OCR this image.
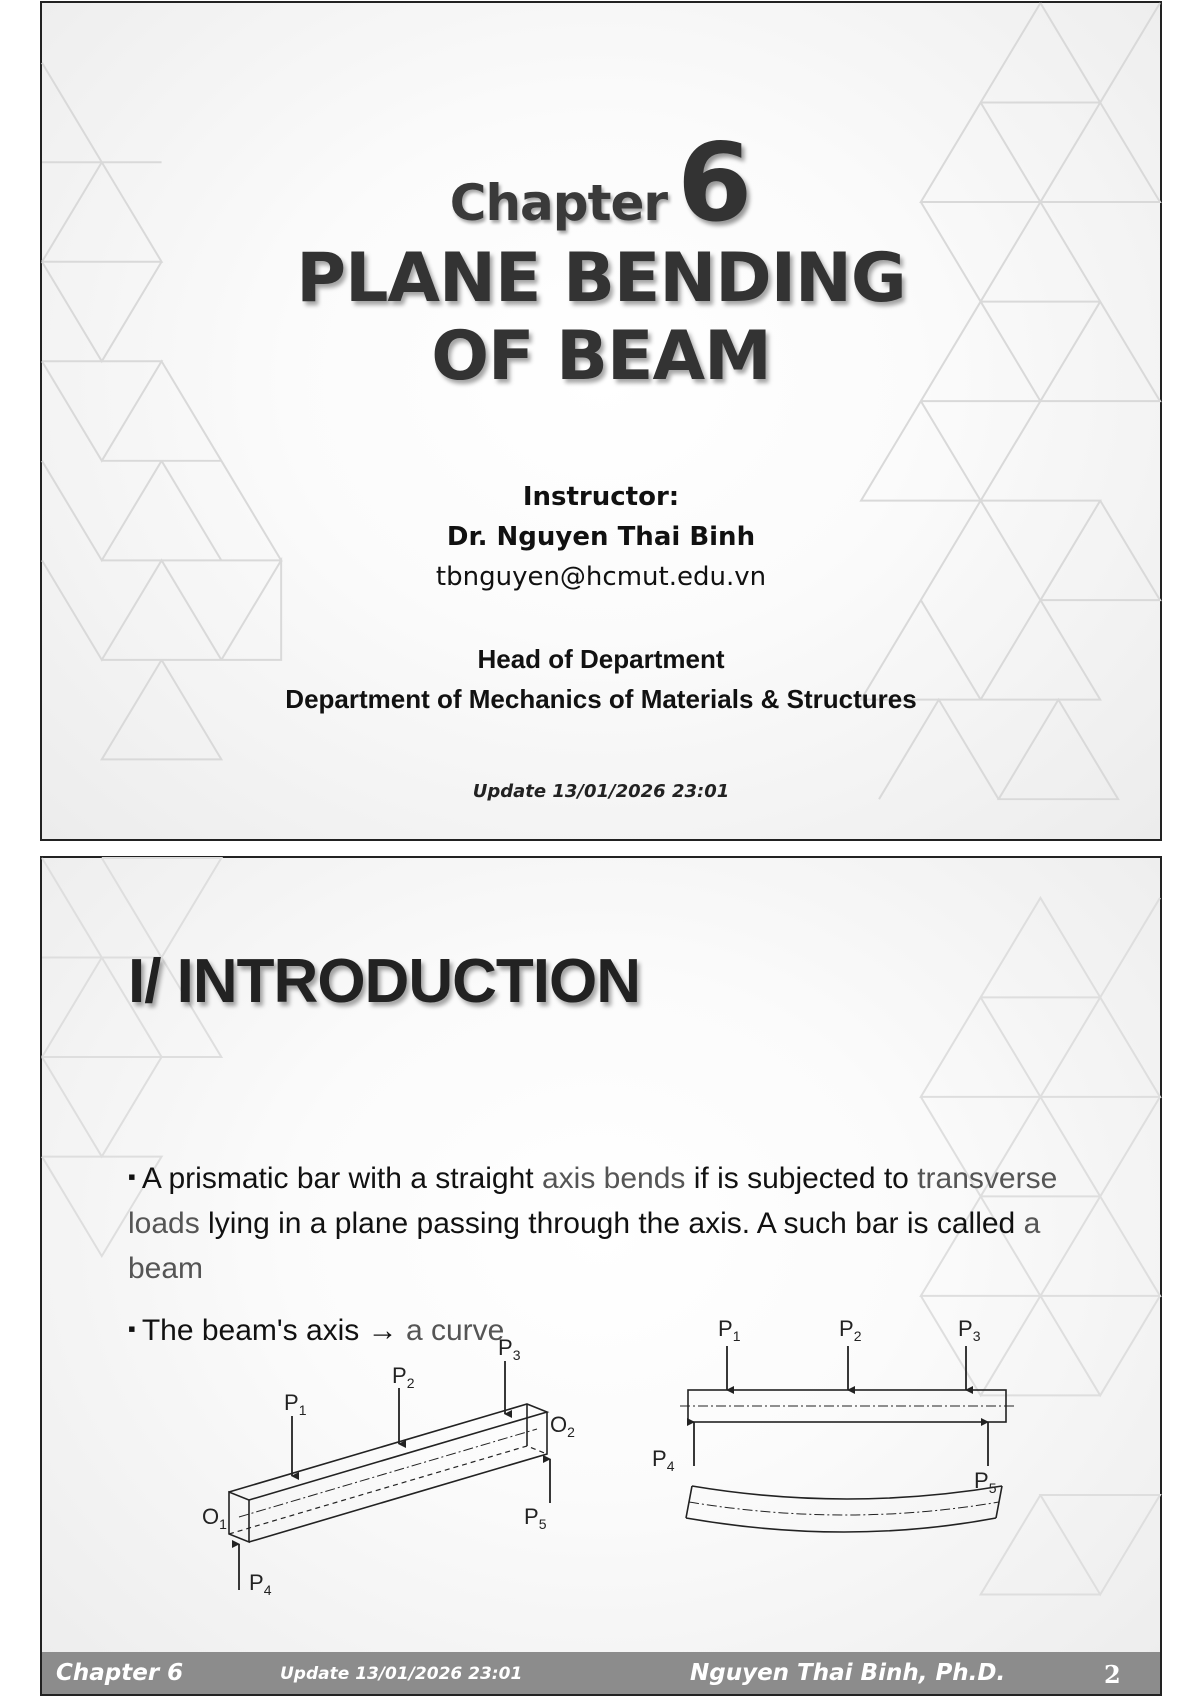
Chapter6
PLANE BENDING
OF BEAM
Instructor:
Dr. Nguyen Thai Binh
tbnguyen@hcmut.edu.vn
Head of Department
Department of Mechanics of Materials & Structures
Update 13/01/2026 23:01
I/ INTRODUCTION

▪ A prismatic bar with a straight axis bends if is subjected to transverse loads lying in a plane passing through the axis. A such bar is called a beam

▪ The beam's axis → a curve

$P_1$
$P_2$
$P_3$
$O_2$
$P_5$
$O_1$
$P_4$
$P_1$	$P_2$	$P_3$
$P_4$
$P_5$
Chapter 6	Update 13/01/2026 23:01	Nguyen Thai Binh, Ph.D.	2
